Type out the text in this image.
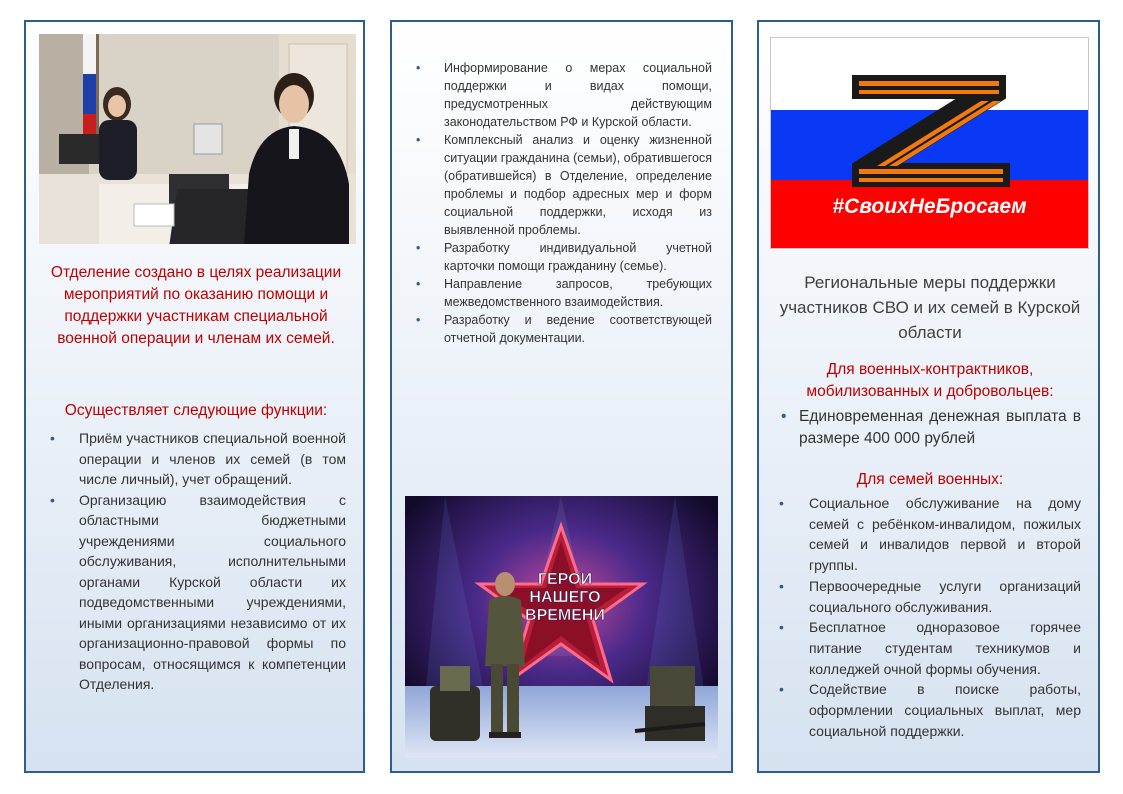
Отделение создано в целях реализации мероприятий по оказанию помощи и поддержки участникам специальной военной операции и членам их семей.
Осуществляет следующие функции:
• Приём участников специальной военной операции и членов их семей (в том числе личный), учет обращений.
• Организацию взаимодействия с областными бюджетными учреждениями социального обслуживания, исполнительными органами Курской области их подведомственными учреждениями, иными организациями независимо от их организационно-правовой формы по вопросам, относящимся к компетенции Отделения.
• Информирование о мерах социальной поддержки и видах помощи, предусмотренных действующим законодательством РФ и Курской области.
• Комплексный анализ и оценку жизненной ситуации гражданина (семьи), обратившегося (обратившейся) в Отделение, определение проблемы и подбор адресных мер и форм социальной поддержки, исходя из выявленной проблемы.
• Разработку индивидуальной учетной карточки помощи гражданину (семье).
• Направление запросов, требующих межведомственного взаимодействия.
• Разработку и ведение соответствующей отчетной документации.
ГЕРОИ
НАШЕГО
ВРЕМЕНИ
#СвоихНеБросаем
Региональные меры поддержки участников СВО и их семей в Курской области
Для военных-контрактников, мобилизованных и добровольцев:
• Единовременная денежная выплата в размере 400 000 рублей
Для семей военных:
• Социальное обслуживание на дому семей с ребёнком-инвалидом, пожилых семей и инвалидов первой и второй группы.
• Первоочередные услуги организаций социального обслуживания.
• Бесплатное одноразовое горячее питание студентам техникумов и колледжей очной формы обучения.
• Содействие в поиске работы, оформлении социальных выплат, мер социальной поддержки.
